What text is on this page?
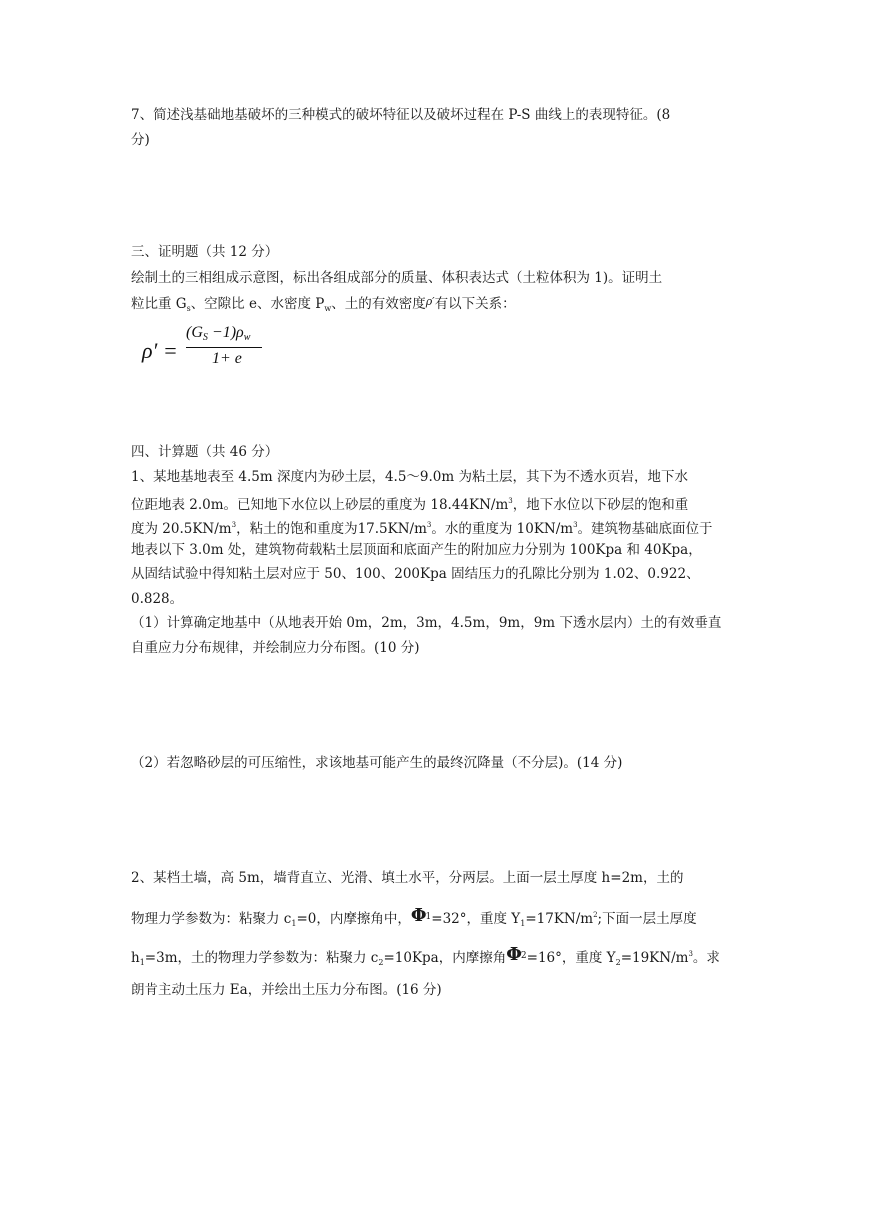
7、简述浅基础地基破坏的三种模式的破坏特征以及破坏过程在 P-S 曲线上的表现特征。(8
分)
三、证明题（共 12 分）
绘制土的三相组成示意图，标出各组成部分的质量、体积表达式（土粒体积为 1)。证明土
粒比重 $G_s$、空隙比 e、水密度 $P_w$、土的有效密度$^{\rho'}$有以下关系：
ρ′ =
$(G_S -1)\rho_w$
1+ e
四、计算题（共 46 分）
1、某地基地表至 4.5m 深度内为砂土层，4.5～9.0m 为粘土层，其下为不透水页岩，地下水
位距地表 2.0m。已知地下水位以上砂层的重度为 $18.44KN/m^3$，地下水位以下砂层的饱和重
度为 $20.5KN/m^3$，粘土的饱和重度为$17.5KN/m^3$。水的重度为 $10KN/m^3$。建筑物基础底面位于
地表以下 3.0m 处，建筑物荷载粘土层顶面和底面产生的附加应力分别为 100Kpa 和 40Kpa，
从固结试验中得知粘土层对应于 50、100、200Kpa 固结压力的孔隙比分别为 1.02、0.922、
0.828。
（1）计算确定地基中（从地表开始 0m，2m，3m，4.5m，9m，9m 下透水层内）土的有效垂直
自重应力分布规律，并绘制应力分布图。(10 分)
（2）若忽略砂层的可压缩性，求该地基可能产生的最终沉降量（不分层)。(14 分)
2、某档土墙，高 5m，墙背直立、光滑、填土水平，分两层。上面一层土厚度 h=2m，土的
物理力学参数为：粘聚力 $c_1=0$，内摩擦角中，$\Phi^1=32^\circ$，重度 $Y_1=17KN/m^2$;下面一层土厚度
$h_1=3m$，土的物理力学参数为：粘聚力 $c_2=10Kpa$，内摩擦角$\Phi^2=16^\circ$，重度 $Y_2=19KN/m^3$。求
朗肯主动土压力 Ea，并绘出土压力分布图。(16 分)
